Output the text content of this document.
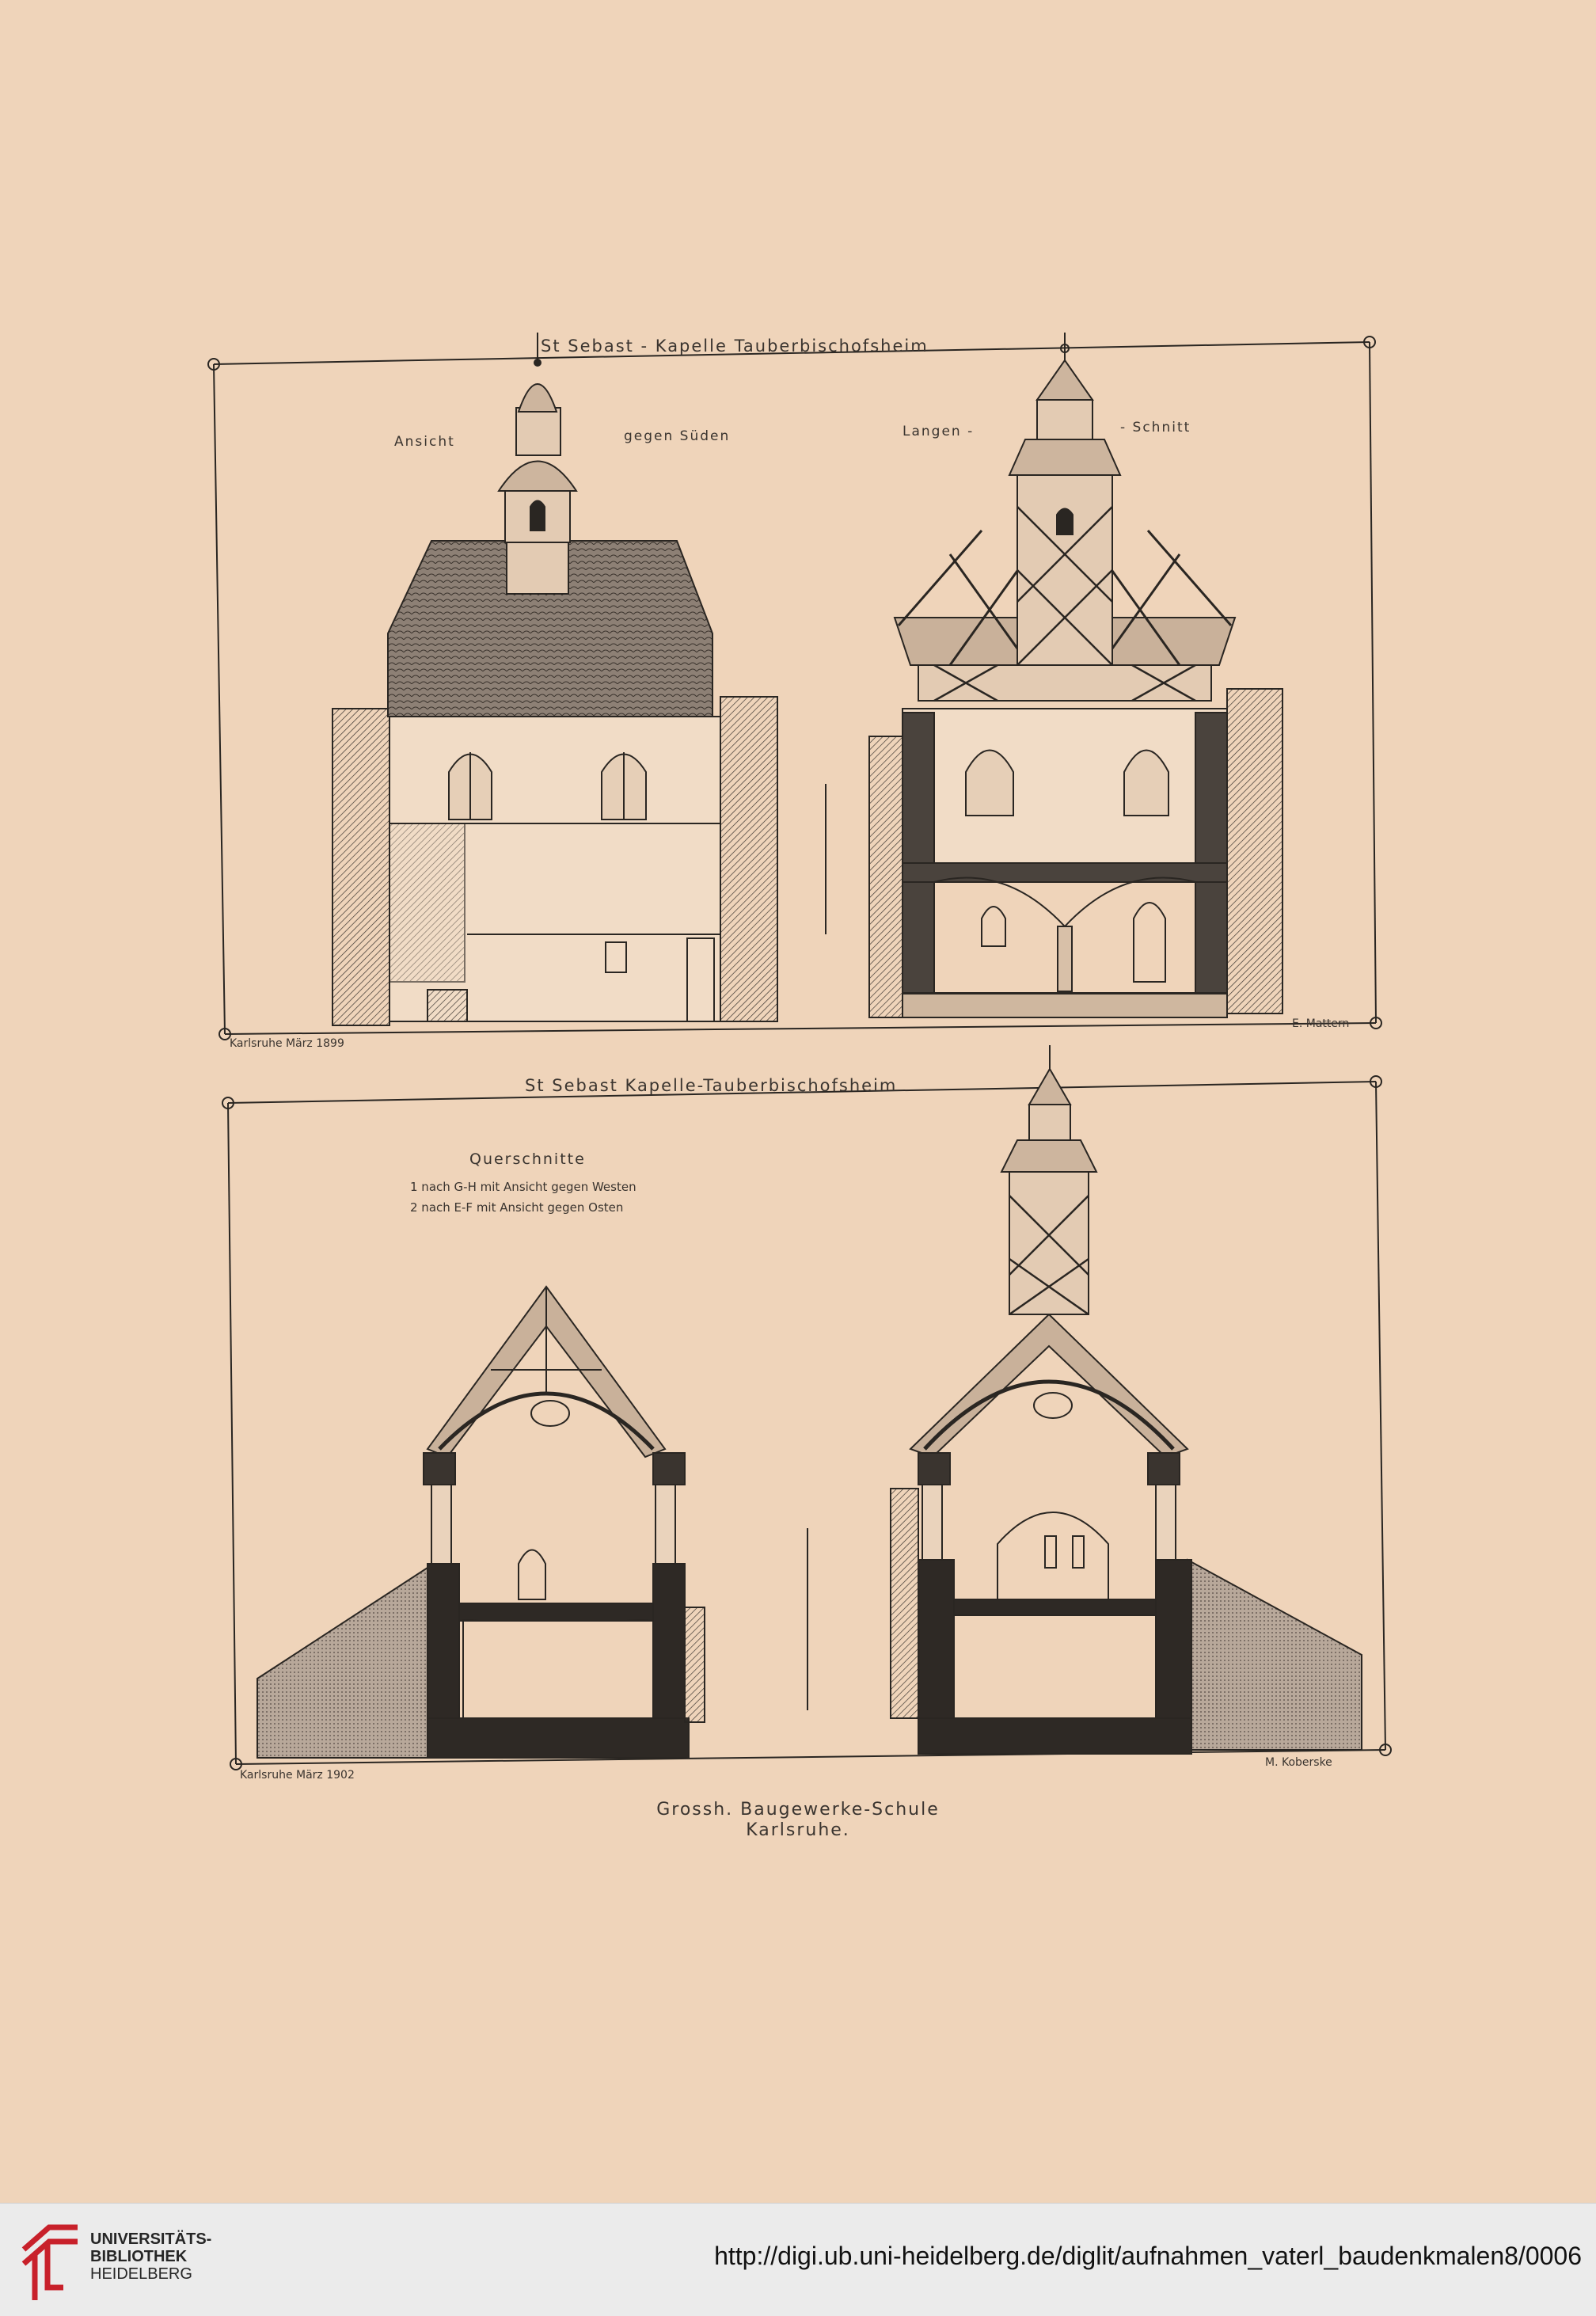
St Sebast - Kapelle Tauberbischofsheim
Ansicht	gegen Süden	Langen -	- Schnitt
Karlsruhe März 1899
E. Mattern
St Sebast Kapelle-Tauberbischofsheim
Querschnitte
1 nach G-H mit Ansicht gegen Westen
2 nach E-F mit Ansicht gegen Osten
Karlsruhe März 1902
M. Koberske
Grossh. Baugewerke-Schule
Karlsruhe.
UNIVERSITÄTS-
BIBLIOTHEK
HEIDELBERG
http://digi.ub.uni-heidelberg.de/diglit/aufnahmen_vaterl_baudenkmalen8/0006
